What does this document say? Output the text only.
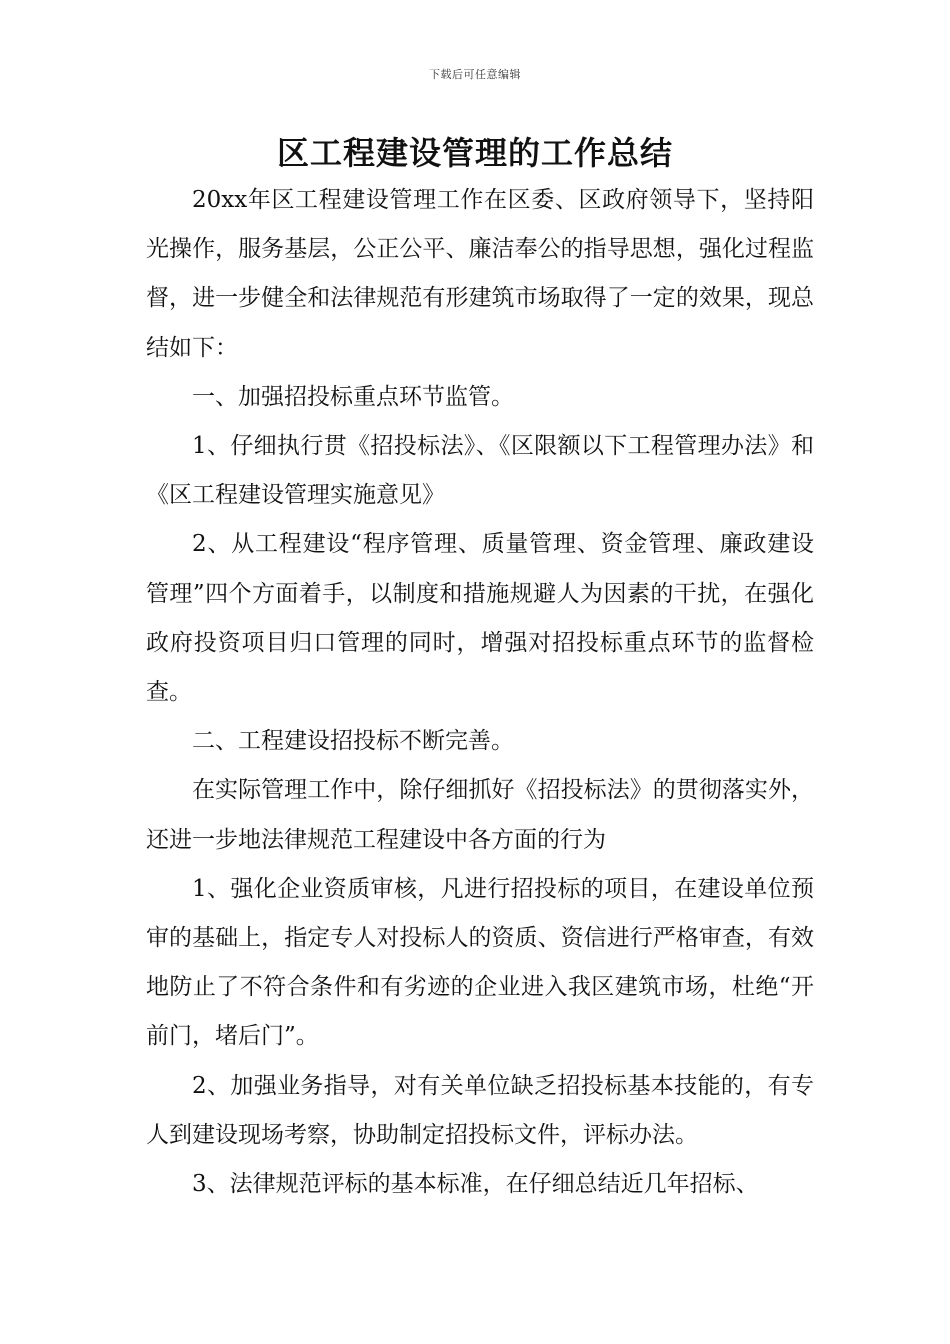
下载后可任意编辑
区工程建设管理的工作总结

20xx年区工程建设管理工作在区委、区政府领导下，坚持阳光操作，服务基层，公正公平、廉洁奉公的指导思想，强化过程监督，进一步健全和法律规范有形建筑市场取得了一定的效果，现总结如下：

一、加强招投标重点环节监管。

1、仔细执行贯《招投标法》、《区限额以下工程管理办法》和《区工程建设管理实施意见》

2、从工程建设“程序管理、质量管理、资金管理、廉政建设管理”四个方面着手，以制度和措施规避人为因素的干扰，在强化政府投资项目归口管理的同时，增强对招投标重点环节的监督检查。

二、工程建设招投标不断完善。

在实际管理工作中，除仔细抓好《招投标法》的贯彻落实外，还进一步地法律规范工程建设中各方面的行为

1、强化企业资质审核，凡进行招投标的项目，在建设单位预审的基础上，指定专人对投标人的资质、资信进行严格审查，有效地防止了不符合条件和有劣迹的企业进入我区建筑市场，杜绝“开前门，堵后门”。

2、加强业务指导，对有关单位缺乏招投标基本技能的，有专人到建设现场考察，协助制定招投标文件，评标办法。

3、法律规范评标的基本标准，在仔细总结近几年招标、
